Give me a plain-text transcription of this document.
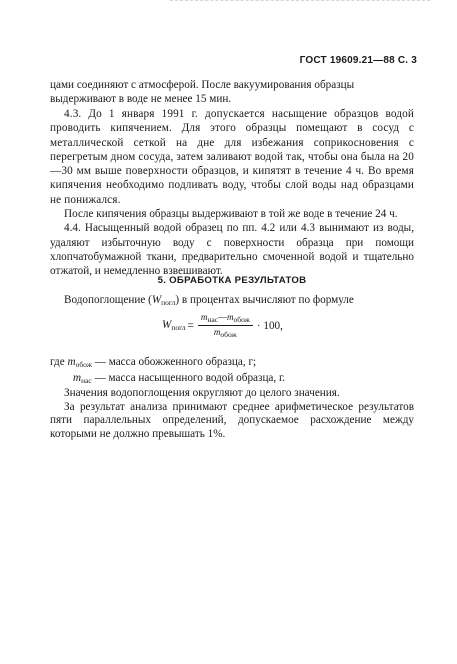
ГОСТ 19609.21—88 С. 3

цами соединяют с атмосферой. После вакуумирования образцы

выдерживают в воде не менее 15 мин.

4.3. До 1 января 1991 г. допускается насыщение образцов водой проводить кипячением. Для этого образцы помещают в сосуд с металлической сеткой на дне для избежания соприкосновения с перегретым дном сосуда, затем заливают водой так, чтобы она была на 20—30 мм выше поверхности образцов, и кипятят в течение 4 ч. Во время кипячения необходимо подливать воду, чтобы слой воды над образцами не понижался.

После кипячения образцы выдерживают в той же воде в течение 24 ч.

4.4. Насыщенный водой образец по пп. 4.2 или 4.3 вынимают из воды, удаляют избыточную воду с поверхности образца при помощи хлопчатобумажной ткани, предварительно смоченной водой и тщательно отжатой, и немедленно взвешивают.

5. ОБРАБОТКА РЕЗУЛЬТАТОВ
Водопоглощение $(W_{погл})$ в процентах вычисляют по формуле
$W_{погл} = \frac{m_{нас}—m_{обож}}{m_{обож}} \cdot 100$,
где $m_{обож}$ — масса обожженного образца, г;
$m_{нас}$ — масса насыщенного водой образца, г.
Значения водопоглощения округляют до целого значения.
За результат анализа принимают среднее арифметическое результатов пяти параллельных определений, допускаемое расхождение между которыми не должно превышать 1%.
